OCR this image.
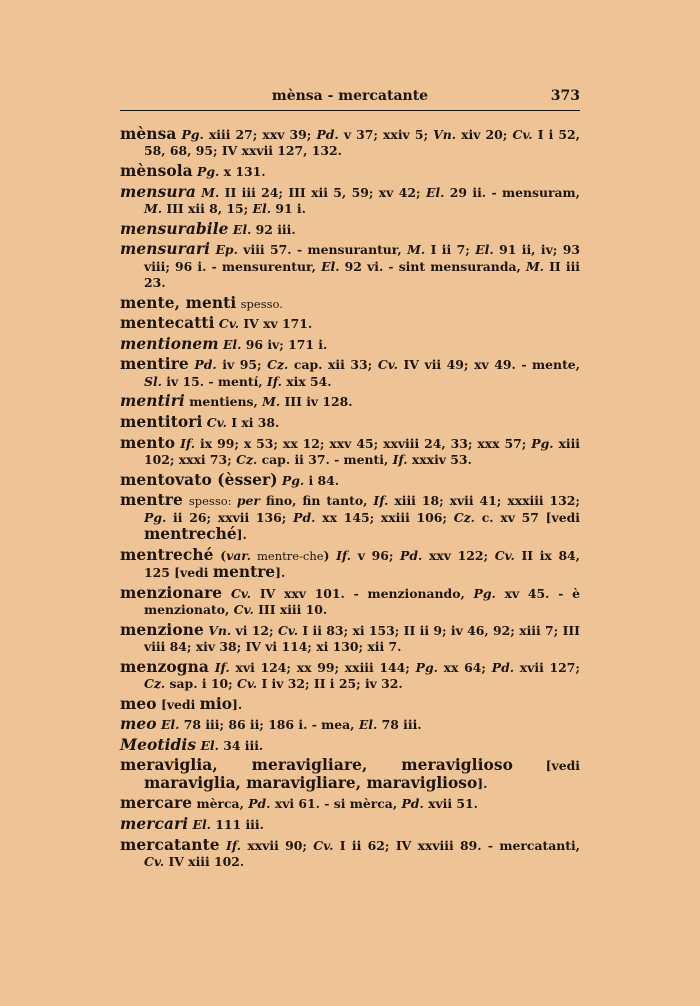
mènsa - mercatante	373
mènsa Pg. xiii 27; xxv 39; Pd. v 37; xxiv 5; Vn. xiv 20; Cv. I i 52, 58, 68, 95; IV xxvii 127, 132.
mènsola Pg. x 131.
mensura M. II iii 24; III xii 5, 59; xv 42; El. 29 ii. - mensuram, M. III xii 8, 15; El. 91 i.
mensurabile El. 92 iii.
mensurari Ep. viii 57. - mensurantur, M. I ii 7; El. 91 ii, iv; 93 viii; 96 i. - mensurentur, El. 92 vi. - sint mensuranda, M. II iii 23.
mente, menti spesso.
mentecatti Cv. IV xv 171.
mentionem El. 96 iv; 171 i.
mentire Pd. iv 95; Cz. cap. xii 33; Cv. IV vii 49; xv 49. - mente, Sl. iv 15. - mentí, If. xix 54.
mentiri mentiens, M. III iv 128.
mentitori Cv. I xi 38.
mento If. ix 99; x 53; xx 12; xxv 45; xxviii 24, 33; xxx 57; Pg. xiii 102; xxxi 73; Cz. cap. ii 37. - menti, If. xxxiv 53.
mentovato (èsser) Pg. i 84.
mentre spesso: per fino, fin tanto, If. xiii 18; xvii 41; xxxiii 132; Pg. ii 26; xxvii 136; Pd. xx 145; xxiii 106; Cz. c. xv 57 [vedi mentreché].
mentreché (var. mentre-che) If. v 96; Pd. xxv 122; Cv. II ix 84, 125 [vedi mentre].
menzionare Cv. IV xxv 101. - menzionando, Pg. xv 45. - è menzionato, Cv. III xiii 10.
menzione Vn. vi 12; Cv. I ii 83; xi 153; II ii 9; iv 46, 92; xiii 7; III viii 84; xiv 38; IV vi 114; xi 130; xii 7.
menzogna If. xvi 124; xx 99; xxiii 144; Pg. xx 64; Pd. xvii 127; Cz. sap. i 10; Cv. I iv 32; II i 25; iv 32.
meo [vedi mio].
meo El. 78 iii; 86 ii; 186 i. - mea, El. 78 iii.
Meotidis El. 34 iii.
meraviglia, meravigliare, meraviglioso	[vedi maraviglia, maravigliare, maraviglioso].
mercare mèrca, Pd. xvi 61. - si mèrca, Pd. xvii 51.
mercari El. 111 iii.
mercatante If. xxvii 90; Cv. I ii 62; IV xxviii 89. - mercatanti, Cv. IV xiii 102.
